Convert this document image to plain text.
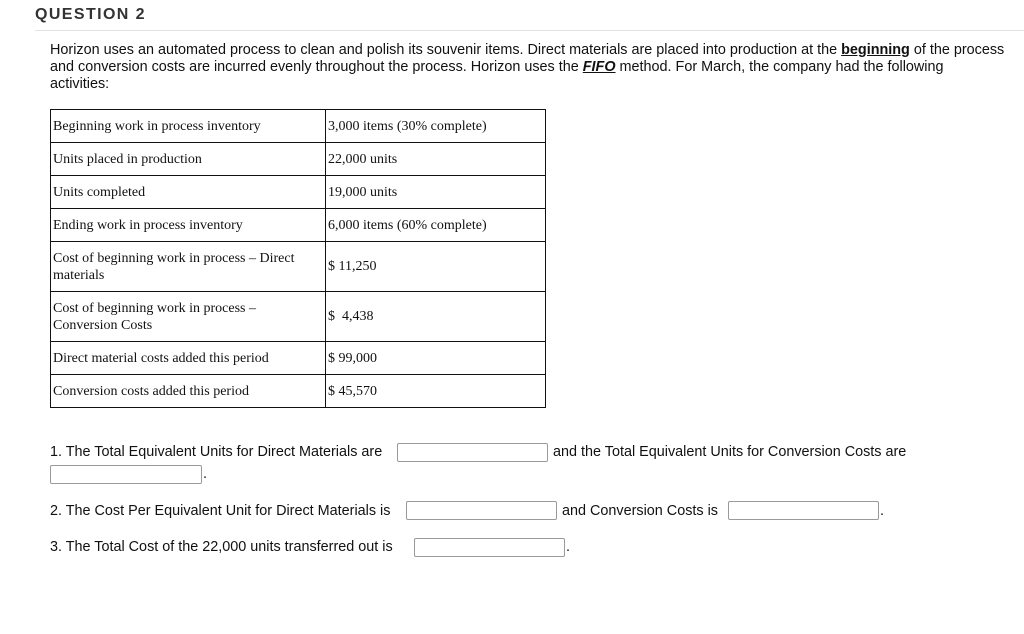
QUESTION 2
Horizon uses an automated process to clean and polish its souvenir items. Direct materials are placed into production at the beginning of the process and conversion costs are incurred evenly throughout the process. Horizon uses the FIFO method. For March, the company had the following activities:
Beginning work in process inventory	3,000 items (30% complete)
Units placed in production	22,000 units
Units completed	19,000 units
Ending work in process inventory	6,000 items (60% complete)
Cost of beginning work in process – Direct materials	$ 11,250
Cost of beginning work in process – Conversion Costs	$  4,438
Direct material costs added this period	$ 99,000
Conversion costs added this period	$ 45,570
1. The Total Equivalent Units for Direct Materials are	and the Total Equivalent Units for Conversion Costs are
.
2. The Cost Per Equivalent Unit for Direct Materials is	and Conversion Costs is	.
3. The Total Cost of the 22,000 units transferred out is	.
